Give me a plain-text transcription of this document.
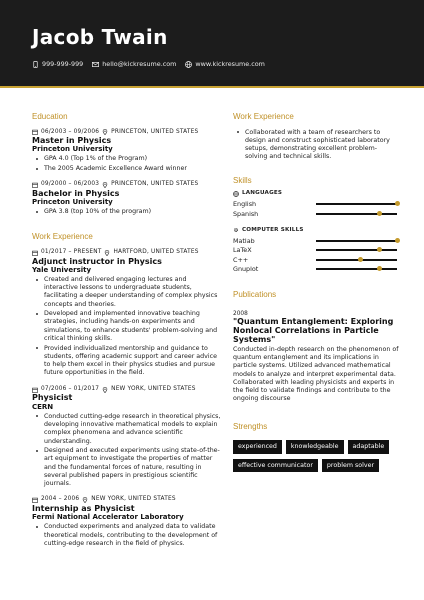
Jacob Twain
999-999-999	hello@kickresume.com	www.kickresume.com
Education
06/2003 – 09/2006 PRINCETON, UNITED STATES
Master in Physics
Princeton University
GPA 4.0 (Top 1% of the Program)
The 2005 Academic Excellence Award winner
09/2000 – 06/2003 PRINCETON, UNITED STATES
Bachelor in Physics
Princeton University
GPA 3.8 (top 10% of the program)
Work Experience
01/2017 – PRESENT HARTFORD, UNITED STATES
Adjunct instructor in Physics
Yale University
Created and delivered engaging lectures and interactive lessons to undergraduate students, facilitating a deeper understanding of complex physics concepts and theories.
Developed and implemented innovative teaching strategies, including hands-on experiments and simulations, to enhance students' problem-solving and critical thinking skills.
Provided individualized mentorship and guidance to students, offering academic support and career advice to help them excel in their physics studies and pursue future opportunities in the field.
07/2006 – 01/2017 NEW YORK, UNITED STATES
Physicist
CERN
Conducted cutting-edge research in theoretical physics, developing innovative mathematical models to explain complex phenomena and advance scientific understanding.
Designed and executed experiments using state-of-the-art equipment to investigate the properties of matter and the fundamental forces of nature, resulting in several published papers in prestigious scientific journals.
2004 – 2006 NEW YORK, UNITED STATES
Internship as Physicist
Fermi National Accelerator Laboratory
Conducted experiments and analyzed data to validate theoretical models, contributing to the development of cutting-edge research in the field of physics.
Work Experience
Collaborated with a team of researchers to design and construct sophisticated laboratory setups, demonstrating excellent problem-solving and technical skills.
Skills
LANGUAGES
English
Spanish
COMPUTER SKILLS
Matlab
LaTeX
C++
Gnuplot
Publications
2008
"Quantum Entanglement: Exploring Nonlocal Correlations in Particle Systems"
Conducted in-depth research on the phenomenon of quantum entanglement and its implications in particle systems. Utilized advanced mathematical models to analyze and interpret experimental data. Collaborated with leading physicists and experts in the field to validate findings and contribute to the ongoing discourse
Strengths
experienced	knowledgeable	adaptable
effective communicator	problem solver
